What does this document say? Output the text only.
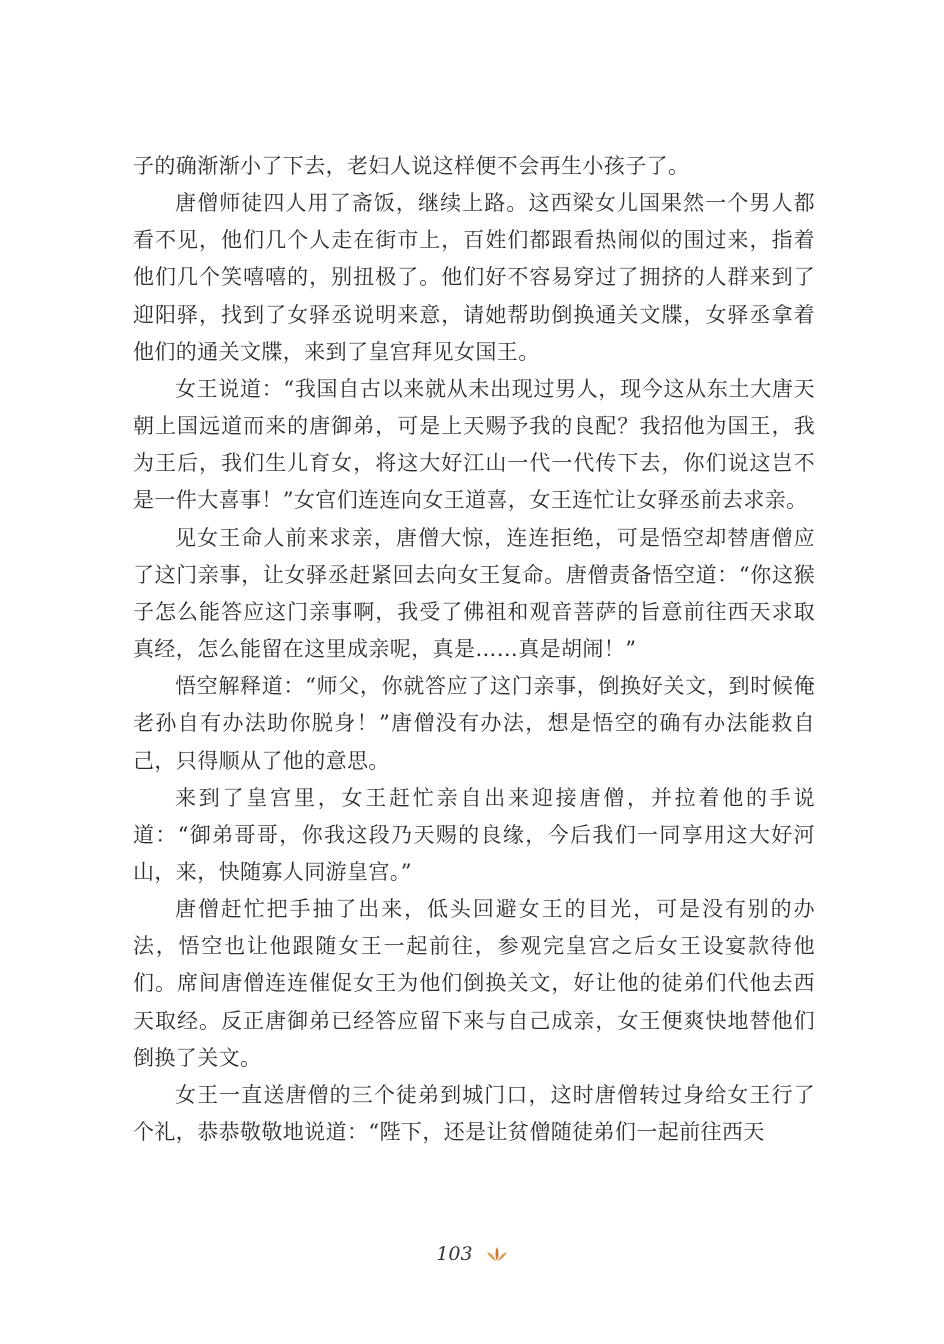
子的确渐渐小了下去，老妇人说这样便不会再生小孩子了。

唐僧师徒四人用了斋饭，继续上路。这西梁女儿国果然一个男人都看不见，他们几个人走在街市上，百姓们都跟看热闹似的围过来，指着他们几个笑嘻嘻的，别扭极了。他们好不容易穿过了拥挤的人群来到了迎阳驿，找到了女驿丞说明来意，请她帮助倒换通关文牒，女驿丞拿着他们的通关文牒，来到了皇宫拜见女国王。

女王说道：“我国自古以来就从未出现过男人，现今这从东土大唐天朝上国远道而来的唐御弟，可是上天赐予我的良配？我招他为国王，我为王后，我们生儿育女，将这大好江山一代一代传下去，你们说这岂不是一件大喜事！”女官们连连向女王道喜，女王连忙让女驿丞前去求亲。

见女王命人前来求亲，唐僧大惊，连连拒绝，可是悟空却替唐僧应了这门亲事，让女驿丞赶紧回去向女王复命。唐僧责备悟空道：“你这猴子怎么能答应这门亲事啊，我受了佛祖和观音菩萨的旨意前往西天求取真经，怎么能留在这里成亲呢，真是……真是胡闹！”

悟空解释道：“师父，你就答应了这门亲事，倒换好关文，到时候俺老孙自有办法助你脱身！”唐僧没有办法，想是悟空的确有办法能救自己，只得顺从了他的意思。

来到了皇宫里，女王赶忙亲自出来迎接唐僧，并拉着他的手说道：“御弟哥哥，你我这段乃天赐的良缘，今后我们一同享用这大好河山，来，快随寡人同游皇宫。”

唐僧赶忙把手抽了出来，低头回避女王的目光，可是没有别的办法，悟空也让他跟随女王一起前往，参观完皇宫之后女王设宴款待他们。席间唐僧连连催促女王为他们倒换关文，好让他的徒弟们代他去西天取经。反正唐御弟已经答应留下来与自己成亲，女王便爽快地替他们倒换了关文。

女王一直送唐僧的三个徒弟到城门口，这时唐僧转过身给女王行了个礼，恭恭敬敬地说道：“陛下，还是让贫僧随徒弟们一起前往西天

103
